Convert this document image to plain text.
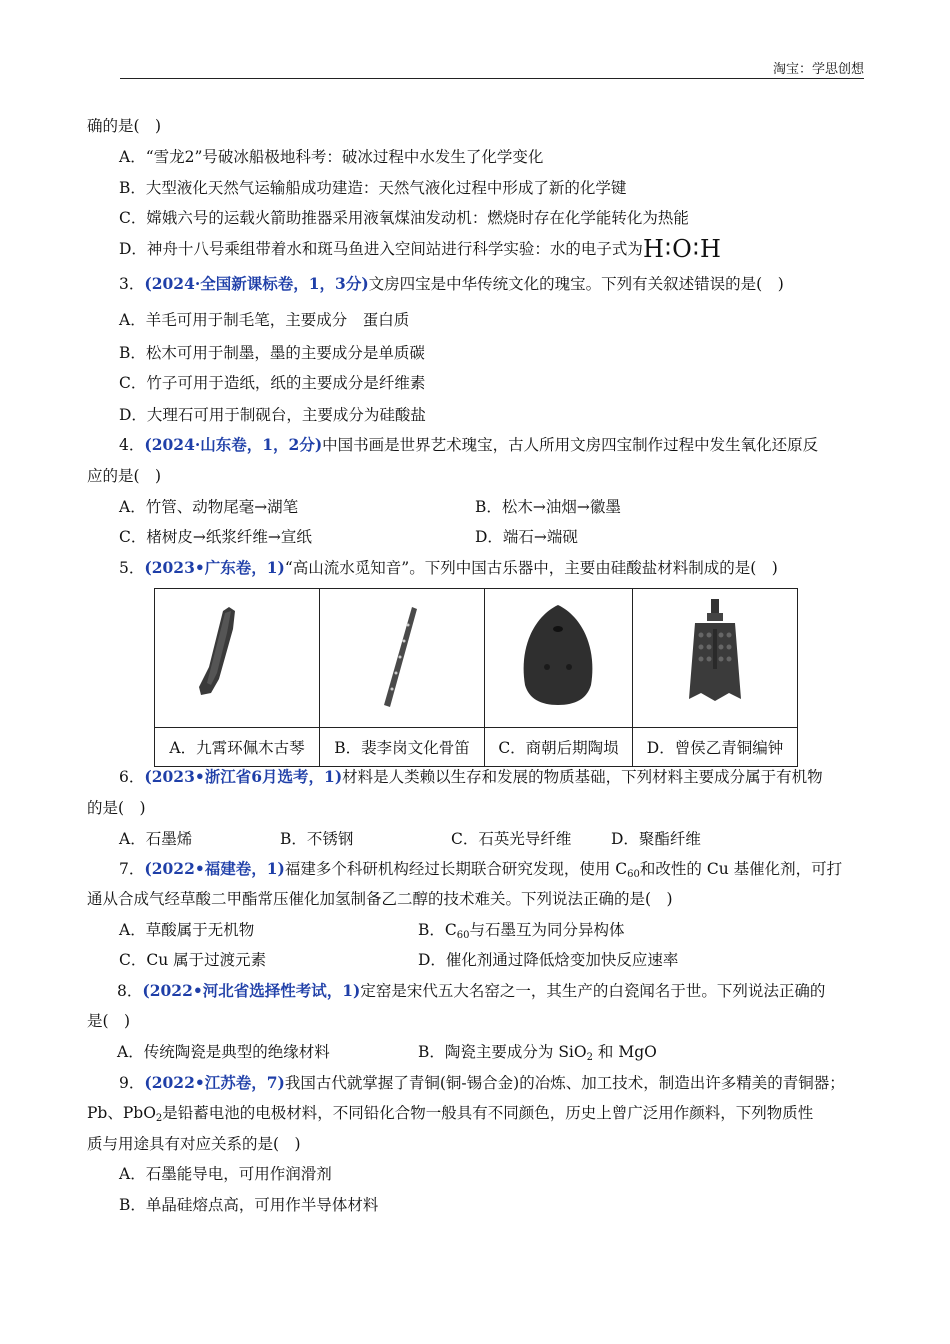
淘宝：学思创想
确的是(　)
A．“雪龙2”号破冰船极地科考：破冰过程中水发生了化学变化
B．大型液化天然气运输船成功建造：天然气液化过程中形成了新的化学键
C．嫦娥六号的运载火箭助推器采用液氧煤油发动机：燃烧时存在化学能转化为热能
D．神舟十八号乘组带着水和斑马鱼进入空间站进行科学实验：水的电子式为H∶O∶H
3．(2024·全国新课标卷，1，3分)文房四宝是中华传统文化的瑰宝。下列有关叙述错误的是(　)
A．羊毛可用于制毛笔，主要成分　蛋白质
B．松木可用于制墨，墨的主要成分是单质碳
C．竹子可用于造纸，纸的主要成分是纤维素
D．大理石可用于制砚台，主要成分为硅酸盐
4．(2024·山东卷，1，2分)中国书画是世界艺术瑰宝，古人所用文房四宝制作过程中发生氧化还原反
应的是(　)
A．竹管、动物尾毫→湖笔	B．松木→油烟→徽墨
C．楮树皮→纸浆纤维→宣纸	D．端石→端砚
5．(2023•广东卷，1)“高山流水觅知音”。下列中国古乐器中，主要由硅酸盐材料制成的是(　)

A．九霄环佩木古琴	B．裴李岗文化骨笛	C．商朝后期陶埙	D．曾侯乙青铜编钟
6．(2023•浙江省6月选考，1)材料是人类赖以生存和发展的物质基础，下列材料主要成分属于有机物
的是(　)
A．石墨烯	B．不锈钢	C．石英光导纤维	D．聚酯纤维
7．(2022•福建卷，1)福建多个科研机构经过长期联合研究发现，使用 $C_{60}$和改性的 Cu 基催化剂，可打
通从合成气经草酸二甲酯常压催化加氢制备乙二醇的技术难关。下列说法正确的是(　)
A．草酸属于无机物	B．$C_{60}$与石墨互为同分异构体
C．Cu 属于过渡元素	D．催化剂通过降低焓变加快反应速率
8．(2022•河北省选择性考试，1)定窑是宋代五大名窑之一，其生产的白瓷闻名于世。下列说法正确的
是(　)
A．传统陶瓷是典型的绝缘材料	B．陶瓷主要成分为 SiO$_2$ 和 MgO
9．(2022•江苏卷，7)我国古代就掌握了青铜(铜-锡合金)的冶炼、加工技术，制造出许多精美的青铜器；
Pb、PbO$_2$是铅蓄电池的电极材料，不同铅化合物一般具有不同颜色，历史上曾广泛用作颜料，下列物质性
质与用途具有对应关系的是(　)
A．石墨能导电，可用作润滑剂
B．单晶硅熔点高，可用作半导体材料
